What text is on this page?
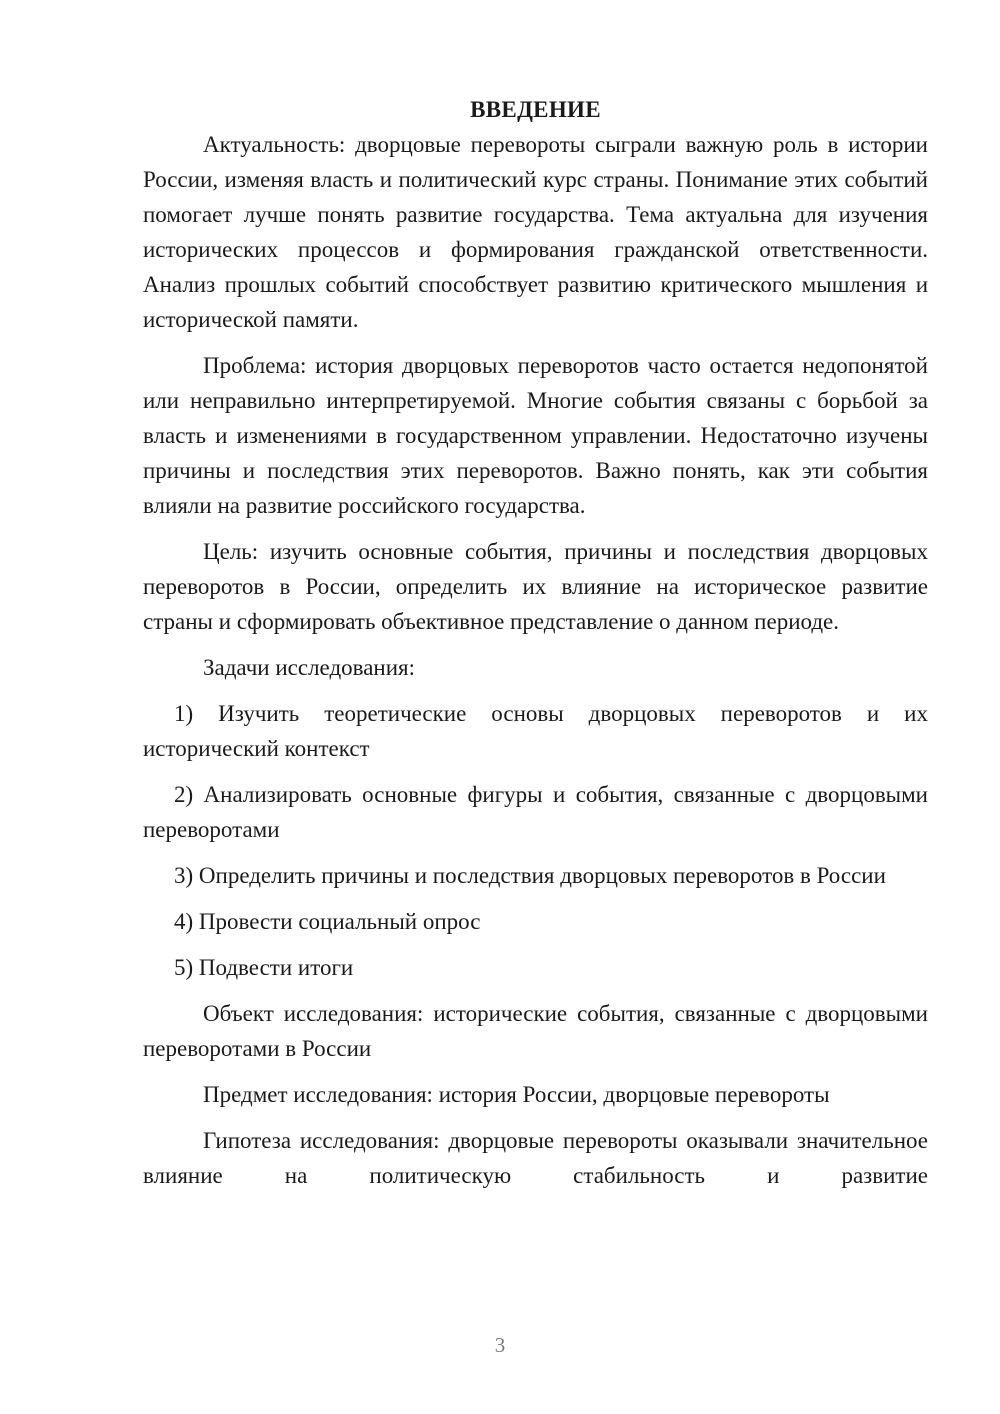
ВВЕДЕНИЕ

Актуальность: дворцовые перевороты сыграли важную роль в истории России, изменяя власть и политический курс страны. Понимание этих событий помогает лучше понять развитие государства. Тема актуальна для изучения исторических процессов и формирования гражданской ответственности. Анализ прошлых событий способствует развитию критического мышления и исторической памяти.

Проблема: история дворцовых переворотов часто остается недопонятой или неправильно интерпретируемой. Многие события связаны с борьбой за власть и изменениями в государственном управлении. Недостаточно изучены причины и последствия этих переворотов. Важно понять, как эти события влияли на развитие российского государства.

Цель: изучить основные события, причины и последствия дворцовых переворотов в России, определить их влияние на историческое развитие страны и сформировать объективное представление о данном периоде.

Задачи исследования:

1) Изучить теоретические основы дворцовых переворотов и их исторический контекст

2) Анализировать основные фигуры и события, связанные с дворцовыми переворотами

3) Определить причины и последствия дворцовых переворотов в России

4) Провести социальный опрос

5) Подвести итоги

Объект исследования: исторические события, связанные с дворцовыми переворотами в России

Предмет исследования: история России, дворцовые перевороты

Гипотеза исследования: дворцовые перевороты оказывали значительное влияние на политическую стабильность и развитие

3
